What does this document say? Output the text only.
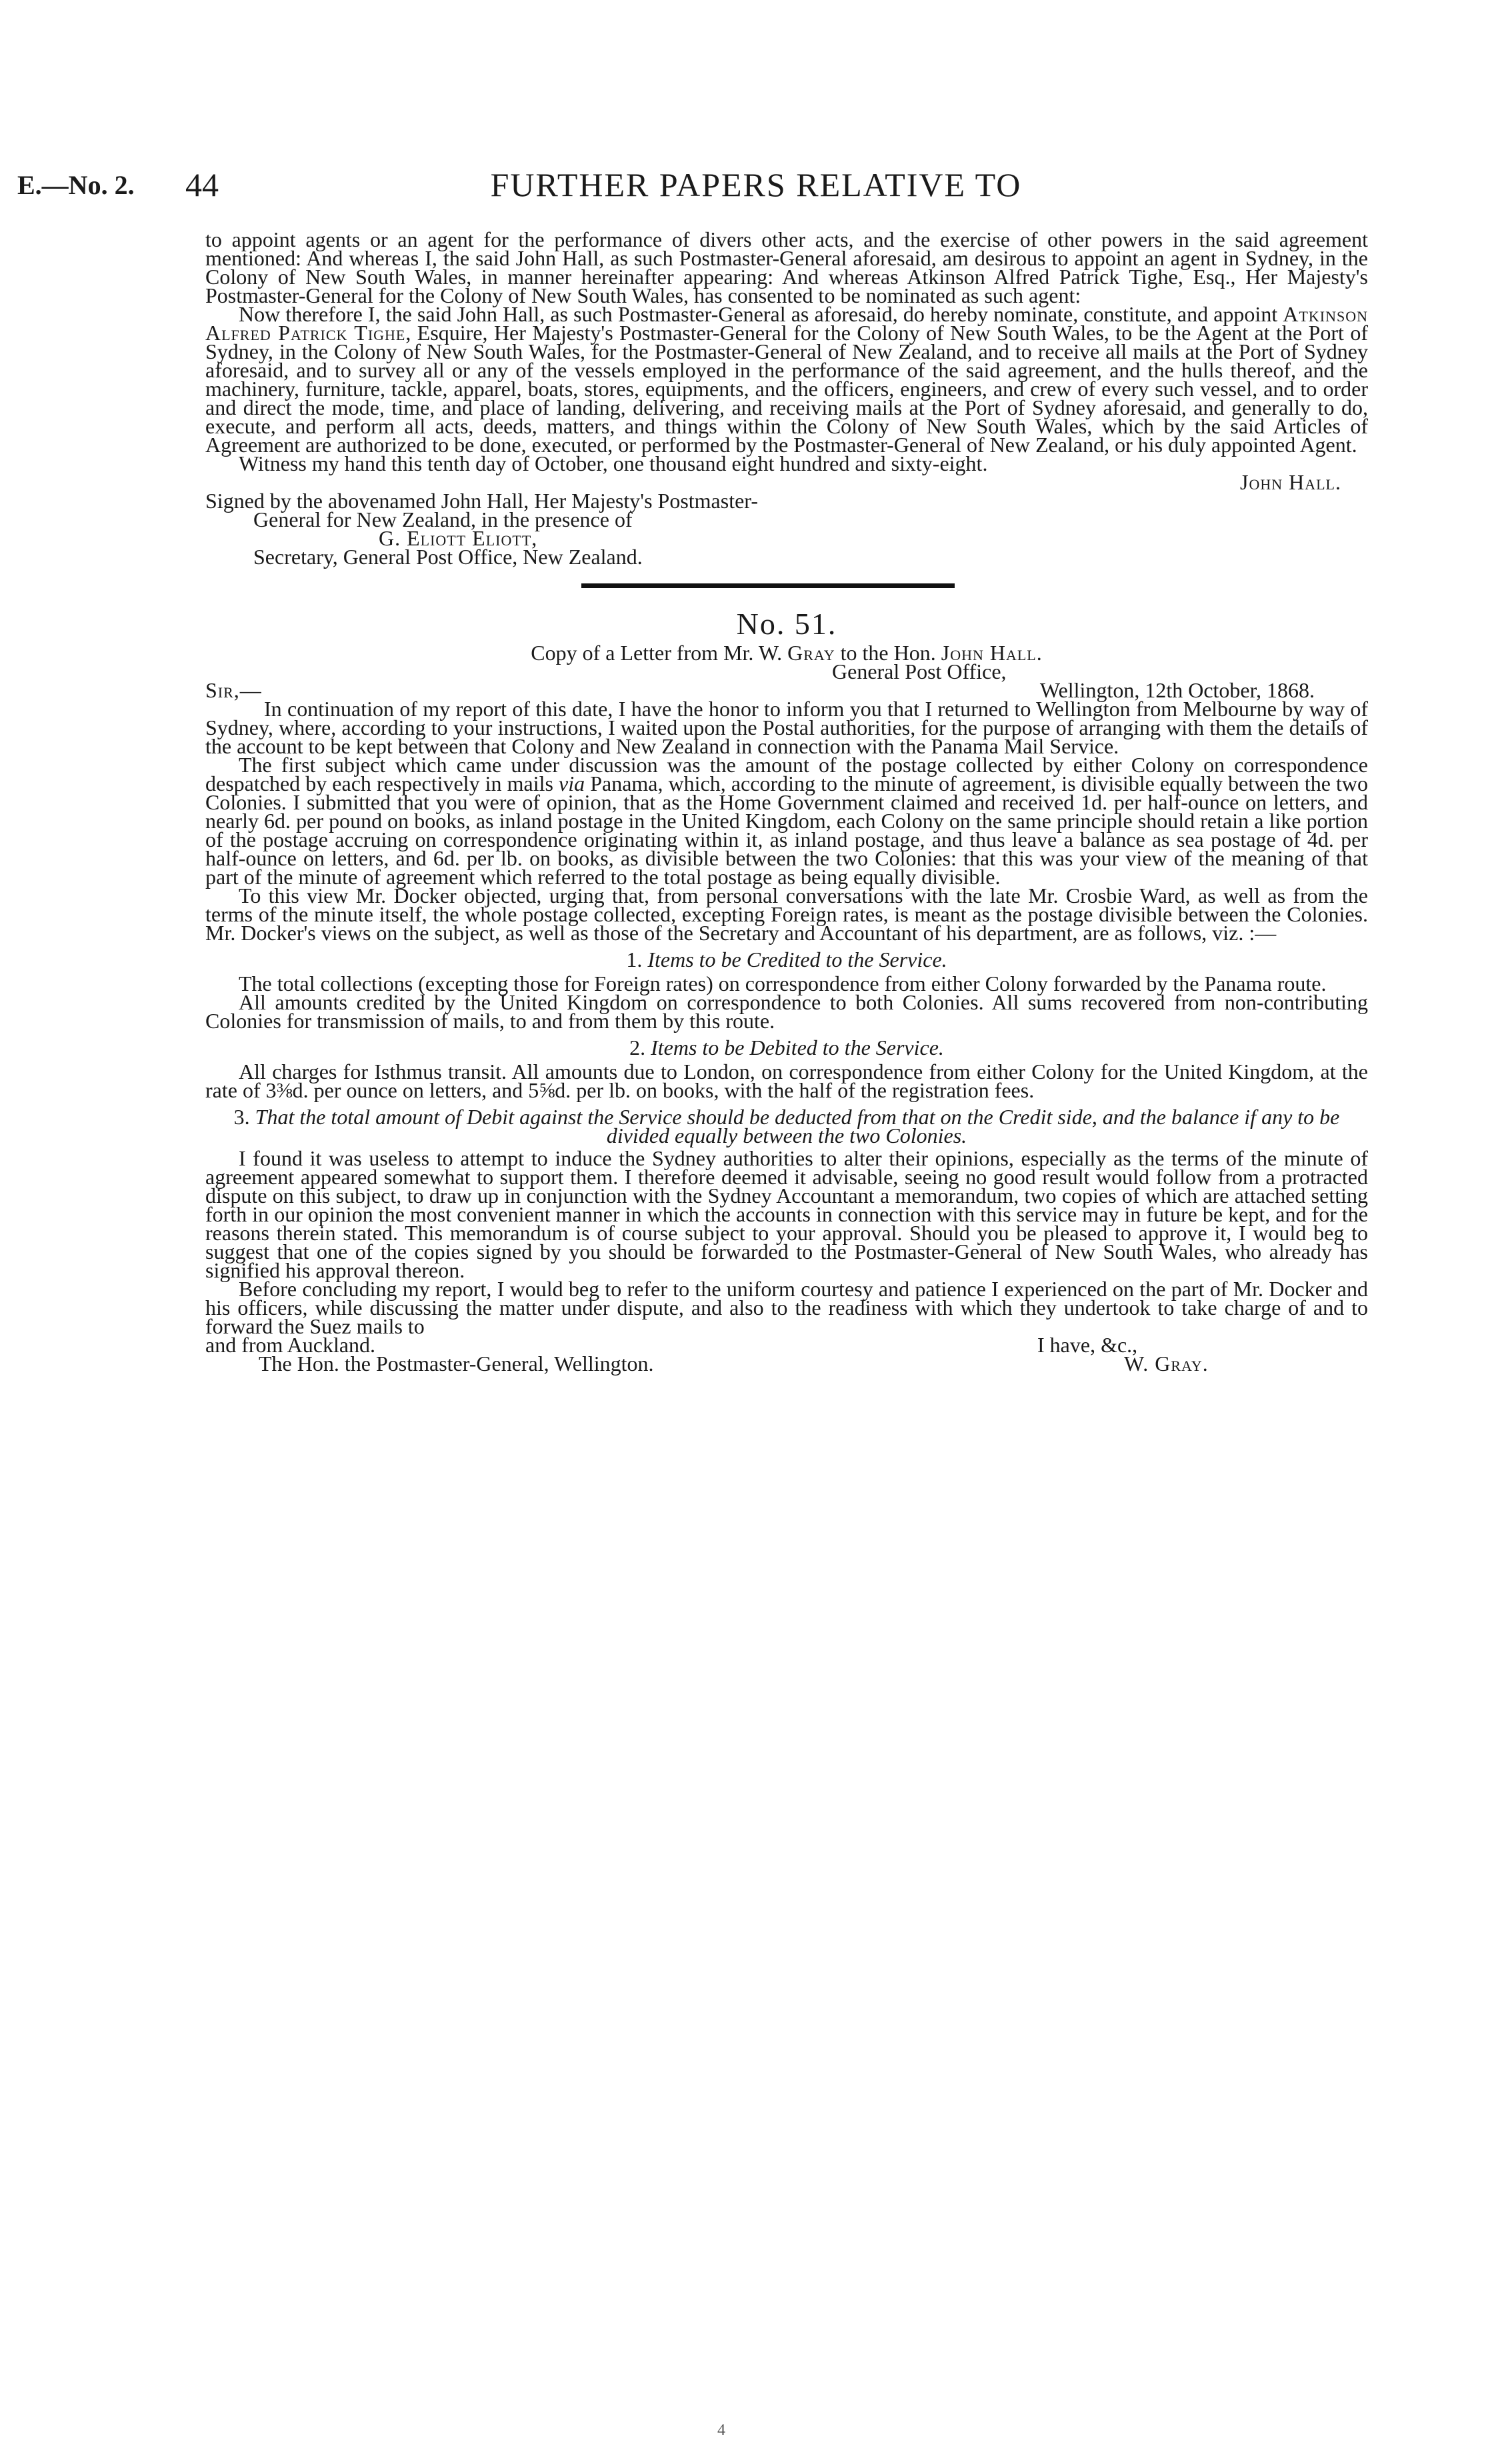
E.—No. 2. 44	FURTHER PAPERS RELATIVE TO

to appoint agents or an agent for the performance of divers other acts, and the exercise of other powers in the said agreement mentioned: And whereas I, the said John Hall, as such Postmaster-General aforesaid, am desirous to appoint an agent in Sydney, in the Colony of New South Wales, in manner hereinafter appearing: And whereas Atkinson Alfred Patrick Tighe, Esq., Her Majesty's Postmaster-General for the Colony of New South Wales, has consented to be nominated as such agent:

Now therefore I, the said John Hall, as such Postmaster-General as aforesaid, do hereby nominate, constitute, and appoint Atkinson Alfred Patrick Tighe, Esquire, Her Majesty's Postmaster-General for the Colony of New South Wales, to be the Agent at the Port of Sydney, in the Colony of New South Wales, for the Postmaster-General of New Zealand, and to receive all mails at the Port of Sydney aforesaid, and to survey all or any of the vessels employed in the performance of the said agreement, and the hulls thereof, and the machinery, furniture, tackle, apparel, boats, stores, equipments, and the officers, engineers, and crew of every such vessel, and to order and direct the mode, time, and place of landing, delivering, and receiving mails at the Port of Sydney aforesaid, and generally to do, execute, and perform all acts, deeds, matters, and things within the Colony of New South Wales, which by the said Articles of Agreement are authorized to be done, executed, or performed by the Postmaster-General of New Zealand, or his duly appointed Agent.

Witness my hand this tenth day of October, one thousand eight hundred and sixty-eight.

John Hall.

Signed by the abovenamed John Hall, Her Majesty's Postmaster-

General for New Zealand, in the presence of

G. Eliott Eliott,

Secretary, General Post Office, New Zealand.

No. 51.

Copy of a Letter from Mr. W. Gray to the Hon. John Hall.

General Post Office,

Sir,—	Wellington, 12th October, 1868.

In continuation of my report of this date, I have the honor to inform you that I returned to Wellington from Melbourne by way of Sydney, where, according to your instructions, I waited upon the Postal authorities, for the purpose of arranging with them the details of the account to be kept between that Colony and New Zealand in connection with the Panama Mail Service.

The first subject which came under discussion was the amount of the postage collected by either Colony on correspondence despatched by each respectively in mails via Panama, which, according to the minute of agreement, is divisible equally between the two Colonies. I submitted that you were of opinion, that as the Home Government claimed and received 1d. per half-ounce on letters, and nearly 6d. per pound on books, as inland postage in the United Kingdom, each Colony on the same principle should retain a like portion of the postage accruing on correspondence originating within it, as inland postage, and thus leave a balance as sea postage of 4d. per half-ounce on letters, and 6d. per lb. on books, as divisible between the two Colonies: that this was your view of the meaning of that part of the minute of agreement which referred to the total postage as being equally divisible.

To this view Mr. Docker objected, urging that, from personal conversations with the late Mr. Crosbie Ward, as well as from the terms of the minute itself, the whole postage collected, excepting Foreign rates, is meant as the postage divisible between the Colonies. Mr. Docker's views on the subject, as well as those of the Secretary and Accountant of his department, are as follows, viz. :—

1. Items to be Credited to the Service.

The total collections (excepting those for Foreign rates) on correspondence from either Colony forwarded by the Panama route.

All amounts credited by the United Kingdom on correspondence to both Colonies. All sums recovered from non-contributing Colonies for transmission of mails, to and from them by this route.

2. Items to be Debited to the Service.

All charges for Isthmus transit. All amounts due to London, on correspondence from either Colony for the United Kingdom, at the rate of 3⅜d. per ounce on letters, and 5⅝d. per lb. on books, with the half of the registration fees.

3. That the total amount of Debit against the Service should be deducted from that on the Credit side, and the balance if any to be divided equally between the two Colonies.

I found it was useless to attempt to induce the Sydney authorities to alter their opinions, especially as the terms of the minute of agreement appeared somewhat to support them. I therefore deemed it advisable, seeing no good result would follow from a protracted dispute on this subject, to draw up in conjunction with the Sydney Accountant a memorandum, two copies of which are attached setting forth in our opinion the most convenient manner in which the accounts in connection with this service may in future be kept, and for the reasons therein stated. This memorandum is of course subject to your approval. Should you be pleased to approve it, I would beg to suggest that one of the copies signed by you should be forwarded to the Postmaster-General of New South Wales, who already has signified his approval thereon.

Before concluding my report, I would beg to refer to the uniform courtesy and patience I experienced on the part of Mr. Docker and his officers, while discussing the matter under dispute, and also to the readiness with which they undertook to take charge of and to forward the Suez mails to

and from Auckland.	I have, &c.,
The Hon. the Postmaster-General, Wellington.	W. Gray.
4
